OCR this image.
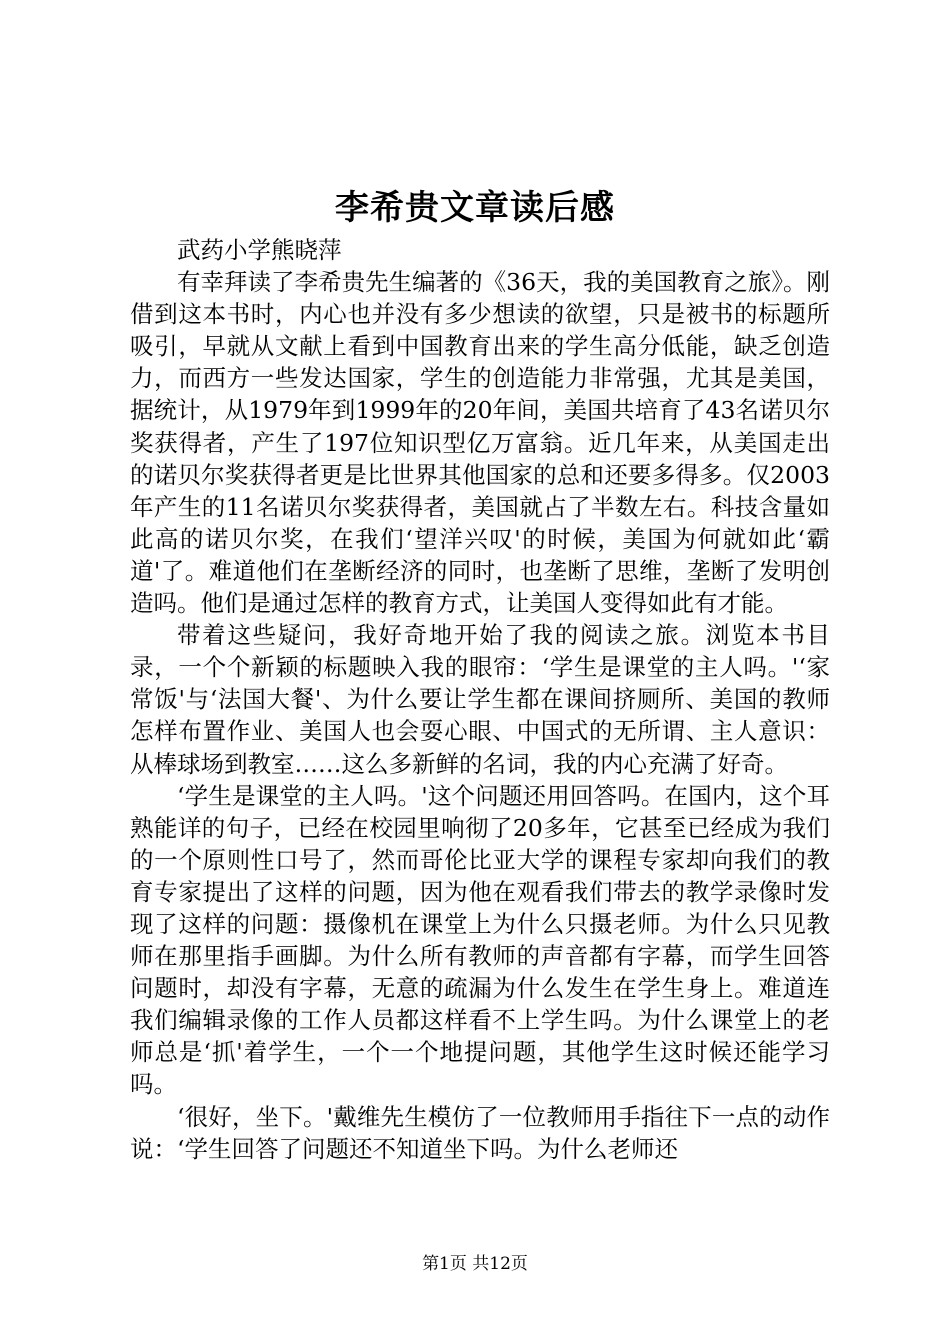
李希贵文章读后感
武药小学熊晓萍

有幸拜读了李希贵先生编著的《36天，我的美国教育之旅》。刚借到这本书时，内心也并没有多少想读的欲望，只是被书的标题所吸引，早就从文献上看到中国教育出来的学生高分低能，缺乏创造力，而西方一些发达国家，学生的创造能力非常强，尤其是美国，据统计，从1979年到1999年的20年间，美国共培育了43名诺贝尔奖获得者，产生了197位知识型亿万富翁。近几年来，从美国走出的诺贝尔奖获得者更是比世界其他国家的总和还要多得多。仅2003年产生的11名诺贝尔奖获得者，美国就占了半数左右。科技含量如此高的诺贝尔奖，在我们‘望洋兴叹'的时候，美国为何就如此‘霸道'了。难道他们在垄断经济的同时，也垄断了思维，垄断了发明创造吗。他们是通过怎样的教育方式，让美国人变得如此有才能。

带着这些疑问，我好奇地开始了我的阅读之旅。浏览本书目录，一个个新颖的标题映入我的眼帘：‘学生是课堂的主人吗。'‘家常饭'与‘法国大餐'、为什么要让学生都在课间挤厕所、美国的教师怎样布置作业、美国人也会耍心眼、中国式的无所谓、主人意识：从棒球场到教室……这么多新鲜的名词，我的内心充满了好奇。

‘学生是课堂的主人吗。'这个问题还用回答吗。在国内，这个耳熟能详的句子，已经在校园里响彻了20多年，它甚至已经成为我们的一个原则性口号了，然而哥伦比亚大学的课程专家却向我们的教育专家提出了这样的问题，因为他在观看我们带去的教学录像时发现了这样的问题：摄像机在课堂上为什么只摄老师。为什么只见教师在那里指手画脚。为什么所有教师的声音都有字幕，而学生回答问题时，却没有字幕，无意的疏漏为什么发生在学生身上。难道连我们编辑录像的工作人员都这样看不上学生吗。为什么课堂上的老师总是‘抓'着学生，一个一个地提问题，其他学生这时候还能学习吗。

‘很好，坐下。'戴维先生模仿了一位教师用手指往下一点的动作说：‘学生回答了问题还不知道坐下吗。为什么老师还

第1页 共12页
